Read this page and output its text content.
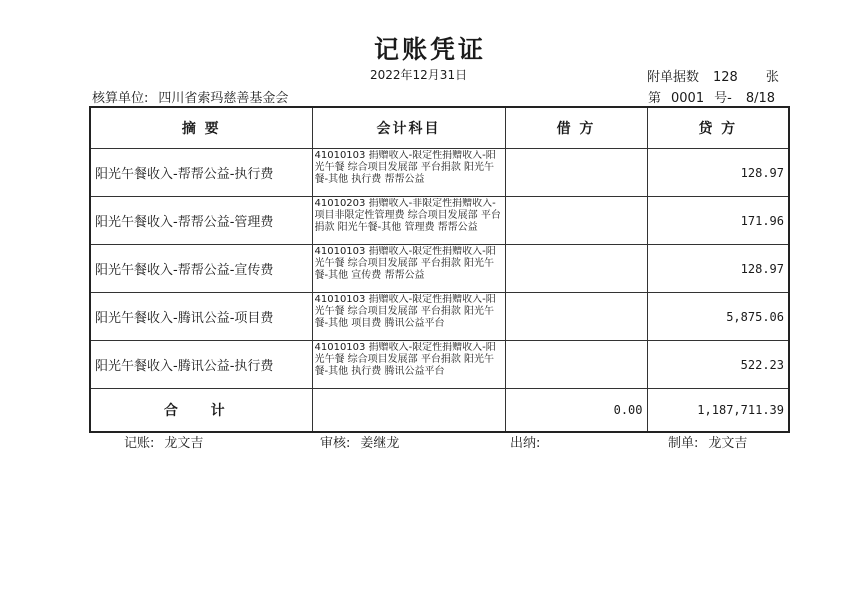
记账凭证
2022年12月31日	附单据数 128 张
核算单位: 四川省索玛慈善基金会	第 0001 号- 8/18
摘 要	会计科目	借 方	贷 方
阳光午餐收入-帮帮公益-执行费	41010103 捐赠收入-限定性捐赠收入-阳光午餐 综合项目发展部 平台捐款 阳光午餐-其他 执行费 帮帮公益		128.97
阳光午餐收入-帮帮公益-管理费	41010203 捐赠收入-非限定性捐赠收入-项目非限定性管理费 综合项目发展部 平台捐款 阳光午餐-其他 管理费 帮帮公益		171.96
阳光午餐收入-帮帮公益-宣传费	41010103 捐赠收入-限定性捐赠收入-阳光午餐 综合项目发展部 平台捐款 阳光午餐-其他 宣传费 帮帮公益		128.97
阳光午餐收入-腾讯公益-项目费	41010103 捐赠收入-限定性捐赠收入-阳光午餐 综合项目发展部 平台捐款 阳光午餐-其他 项目费 腾讯公益平台		5,875.06
阳光午餐收入-腾讯公益-执行费	41010103 捐赠收入-限定性捐赠收入-阳光午餐 综合项目发展部 平台捐款 阳光午餐-其他 执行费 腾讯公益平台		522.23
合 计		0.00	1,187,711.39
记账: 龙文吉	审核: 姜继龙	出纳:	制单: 龙文吉
